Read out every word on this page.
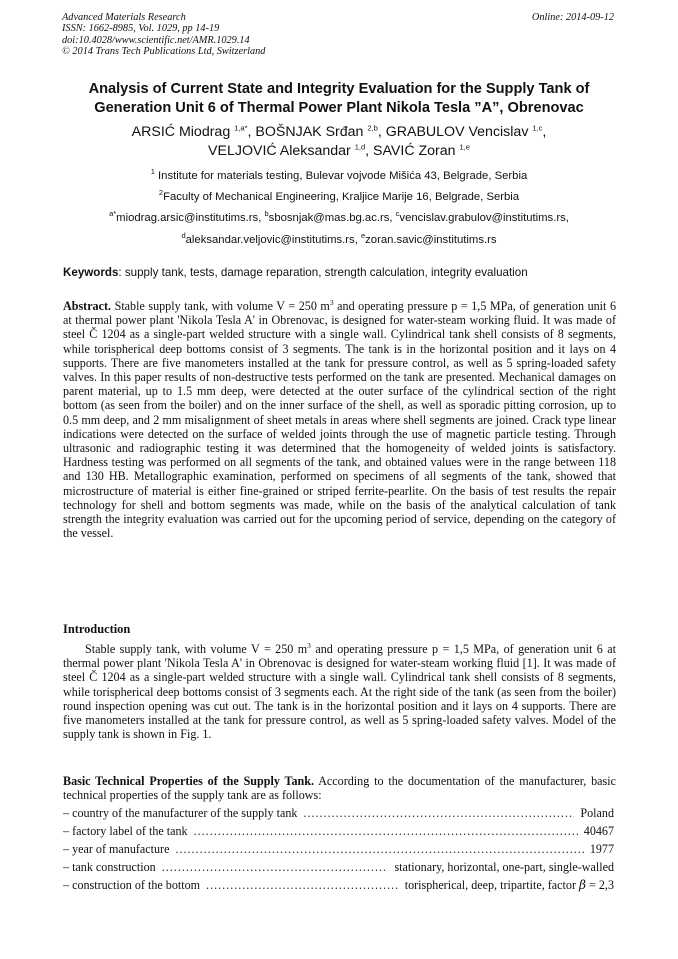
Advanced Materials Research
ISSN: 1662-8985, Vol. 1029, pp 14-19
doi:10.4028/www.scientific.net/AMR.1029.14
© 2014 Trans Tech Publications Ltd, Switzerland
Online: 2014-09-12
Analysis of Current State and Integrity Evaluation for the Supply Tank of
Generation Unit 6 of Thermal Power Plant Nikola Tesla ”A”, Obrenovac
ARSIĆ Miodrag $^{1,a*}$, BOŠNJAK Srđan $^{2,b}$, GRABULOV Vencislav $^{1,c}$,
VELJOVIĆ Aleksandar $^{1,d}$, SAVIĆ Zoran $^{1,e}$
$^1$ Institute for materials testing, Bulevar vojvode Mišića 43, Belgrade, Serbia
$^2$Faculty of Mechanical Engineering, Kraljice Marije 16, Belgrade, Serbia
$^{a*}$miodrag.arsic@institutims.rs, $^b$sbosnjak@mas.bg.ac.rs, $^c$vencislav.grabulov@institutims.rs,
$^d$aleksandar.veljovic@institutims.rs, $^e$zoran.savic@institutims.rs
Keywords: supply tank, tests, damage reparation, strength calculation, integrity evaluation
Abstract. Stable supply tank, with volume V = 250 $m^3$ and operating pressure p = 1,5 MPa, of generation unit 6 at thermal power plant 'Nikola Tesla A' in Obrenovac, is designed for water-steam working fluid. It was made of steel Č 1204 as a single-part welded structure with a single wall. Cylindrical tank shell consists of 8 segments, while torispherical deep bottoms consist of 3 segments. The tank is in the horizontal position and it lays on 4 supports. There are five manometers installed at the tank for pressure control, as well as 5 spring-loaded safety valves. In this paper results of non-destructive tests performed on the tank are presented. Mechanical damages on parent material, up to 1.5 mm deep, were detected at the outer surface of the cylindrical section of the right bottom (as seen from the boiler) and on the inner surface of the shell, as well as sporadic pitting corrosion, up to 0.5 mm deep, and 2 mm misalignment of sheet metals in areas where shell segments are joined. Crack type linear indications were detected on the surface of welded joints through the use of magnetic particle testing. Through ultrasonic and radiographic testing it was determined that the homogeneity of welded joints is satisfactory. Hardness testing was performed on all segments of the tank, and obtained values were in the range between 118 and 130 HB. Metallographic examination, performed on specimens of all segments of the tank, showed that microstructure of material is either fine-grained or striped ferrite-pearlite. On the basis of test results the repair technology for shell and bottom segments was made, while on the basis of the analytical calculation of tank strength the integrity evaluation was carried out for the upcoming period of service, depending on the category of the vessel.
Introduction
Stable supply tank, with volume V = 250 $m^3$ and operating pressure p = 1,5 MPa, of generation unit 6 at thermal power plant 'Nikola Tesla A' in Obrenovac is designed for water-steam working fluid [1]. It was made of steel Č 1204 as a single-part welded structure with a single wall. Cylindrical tank shell consists of 8 segments, while torispherical deep bottoms consist of 3 segments each. At the right side of the tank (as seen from the boiler) round inspection opening was cut out. The tank is in the horizontal position and it lays on 4 supports. There are five manometers installed at the tank for pressure control, as well as 5 spring-loaded safety valves. Model of the supply tank is shown in Fig. 1.
Basic Technical Properties of the Supply Tank. According to the documentation of the manufacturer, basic technical properties of the supply tank are as follows:
– country of the manufacturer of the supply tank .....	Poland
– factory label of the tank .....	40467
– year of manufacture .....	1977
– tank construction .....	stationary, horizontal, one-part, single-walled
– construction of the bottom .....	torispherical, deep, tripartite, factor β = 2,3
